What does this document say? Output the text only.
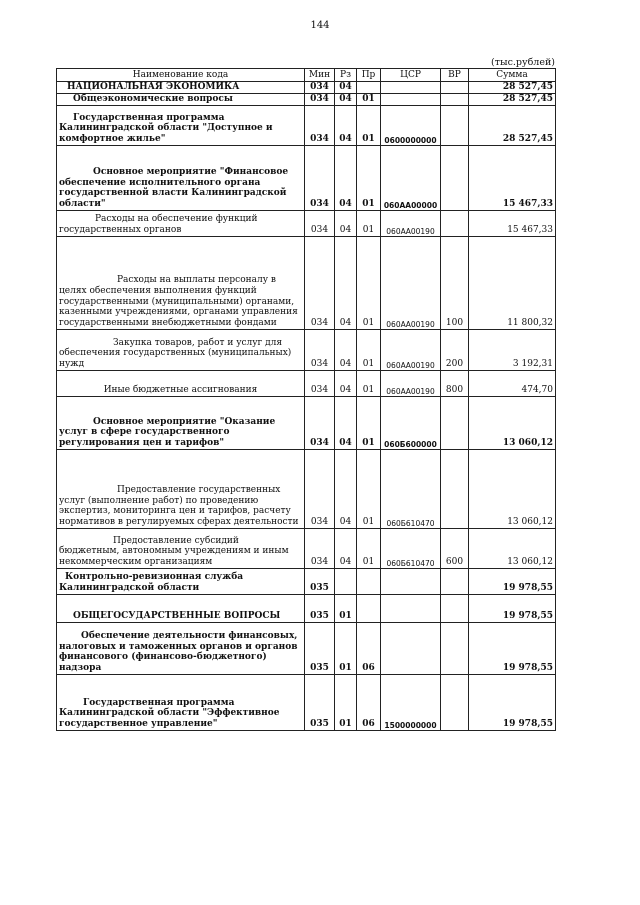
144
(тыс.рублей)
Наименование кода	Мин	Рз	Пр	ЦСР	ВР	Сумма

НАЦИОНАЛЬНАЯ ЭКОНОМИКА	034	04				28 527,45

Общеэкономические вопросы	034	04	01			28 527,45

Государственная программа Калининградской области "Доступное и комфортное жилье"	034	04	01	0600000000		28 527,45

Основное мероприятие "Финансовое обеспечение исполнительного органа государственной власти Калининградской области"	034	04	01	060АА00000		15 467,33

Расходы на обеспечение функций государственных органов	034	04	01	060АА00190		15 467,33

Расходы на выплаты персоналу в целях обеспечения выполнения функций государственными (муниципальными) органами, казенными учреждениями, органами управления государственными внебюджетными фондами	034	04	01	060АА00190	100	11 800,32

Закупка товаров, работ и услуг для обеспечения государственных (муниципальных) нужд	034	04	01	060АА00190	200	3 192,31

Иные бюджетные ассигнования	034	04	01	060АА00190	800	474,70

Основное мероприятие "Оказание услуг в сфере государственного регулирования цен и тарифов"	034	04	01	060Б600000		13 060,12

Предоставление государственных услуг (выполнение работ) по проведению экспертиз, мониторинга цен и тарифов, расчету нормативов в регулируемых сферах деятельности	034	04	01	060Б610470		13 060,12

Предоставление субсидий бюджетным, автономным учреждениям и иным некоммерческим организациям	034	04	01	060Б610470	600	13 060,12

Контрольно-ревизионная служба Калининградской области	035					19 978,55

ОБЩЕГОСУДАРСТВЕННЫЕ ВОПРОСЫ	035	01				19 978,55

Обеспечение деятельности финансовых, налоговых и таможенных органов и органов финансового (финансово-бюджетного) надзора	035	01	06			19 978,55

Государственная программа Калининградской области "Эффективное государственное управление"	035	01	06	1500000000		19 978,55
